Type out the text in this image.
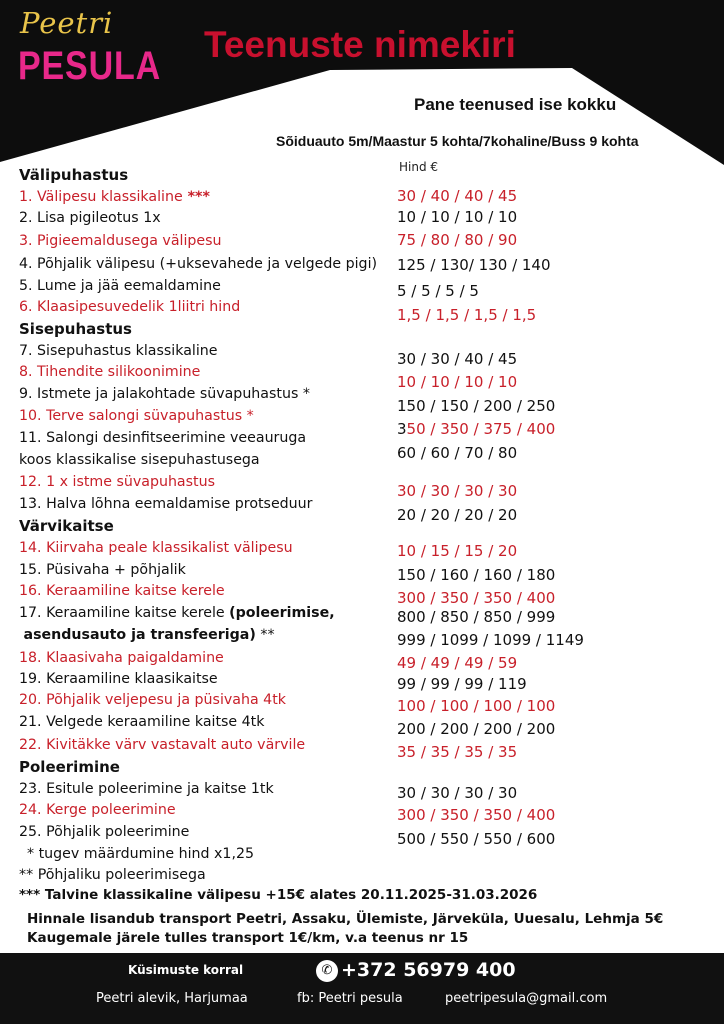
Peetri
PESULA Teenuste nimekiri
Pane teenused ise kokku
Sõiduauto 5m/Maastur 5 kohta/7kohaline/Buss 9 kohta
Hind €
Välipuhastus
1. Välipesu klassikaline ***	30 / 40 / 40 / 45
2. Lisa pigileotus 1x	10 / 10 / 10 / 10
3. Pigieemaldusega välipesu	75 / 80 / 80 / 90
4. Põhjalik välipesu (+uksevahede ja velgede pigi) 125 / 130/ 130 / 140
5. Lume ja jää eemaldamine	5 / 5 / 5 / 5
6. Klaasipesuvedelik 1liitri hind	1,5 / 1,5 / 1,5 / 1,5
Sisepuhastus
7. Sisepuhastus klassikaline	30 / 30 / 40 / 45
8. Tihendite silikoonimine
10 / 10 / 10 / 10
9. Istmete ja jalakohtade süvapuhastus *
150 / 150 / 200 / 250
10. Terve salongi süvapuhastus *
350 / 350 / 375 / 400
11. Salongi desinfitseerimine veeauruga
koos klassikalise sisepuhastusega	60 / 60 / 70 / 80
12. 1 x istme süvapuhastus	30 / 30 / 30 / 30
13. Halva lõhna eemaldamise protseduur
20 / 20 / 20 / 20
Värvikaitse
14. Kiirvaha peale klassikalist välipesu	10 / 15 / 15 / 20
15. Püsivaha + põhjalik	150 / 160 / 160 / 180
16. Keraamiline kaitse kerele	300 / 350 / 350 / 400
17. Keraamiline kaitse kerele (poleerimise,
asendusauto ja transfeeriga) **
800 / 850 / 850 / 999
999 / 1099 / 1099 / 1149
18. Klaasivaha paigaldamine	49 / 49 / 49 / 59
19. Keraamiline klaasikaitse	99 / 99 / 99 / 119
20. Põhjalik veljepesu ja püsivaha 4tk	100 / 100 / 100 / 100
21. Velgede keraamiline kaitse 4tk	200 / 200 / 200 / 200
22. Kivitäkke värv vastavalt auto värvile	35 / 35 / 35 / 35
Poleerimine
23. Esitule poleerimine ja kaitse 1tk	30 / 30 / 30 / 30
24. Kerge poleerimine	300 / 350 / 350 / 400
25. Põhjalik poleerimine	500 / 550 / 550 / 600
* tugev määrdumine hind x1,25
** Põhjaliku poleerimisega
*** Talvine klassikaline välipesu +15€ alates 20.11.2025-31.03.2026
Hinnale lisandub transport Peetri, Assaku, Ülemiste, Järveküla, Uuesalu, Lehmja 5€
Kaugemale järele tulles transport 1€/km, v.a teenus nr 15
Küsimuste korral	✆ +372 56979 400
Peetri alevik, Harjumaa	fb: Peetri pesula	peetripesula@gmail.com
